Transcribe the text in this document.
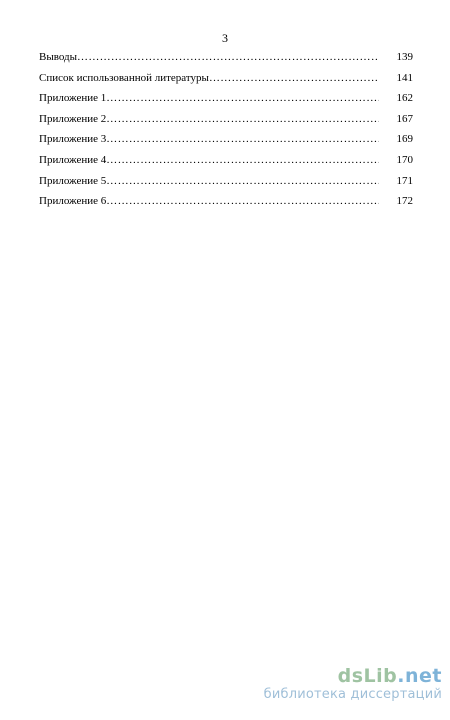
3
Выводы …………………………………………………………………………………………………………………………	139
Список использованной литературы …………………………………………………………………………………………………………………………	141
Приложение 1 …………………………………………………………………………………………………………………………	162
Приложение 2 …………………………………………………………………………………………………………………………	167
Приложение 3 …………………………………………………………………………………………………………………………	169
Приложение 4 …………………………………………………………………………………………………………………………	170
Приложение 5 …………………………………………………………………………………………………………………………	171
Приложение 6 …………………………………………………………………………………………………………………………	172
dsLib.net
библиотека диссертаций
